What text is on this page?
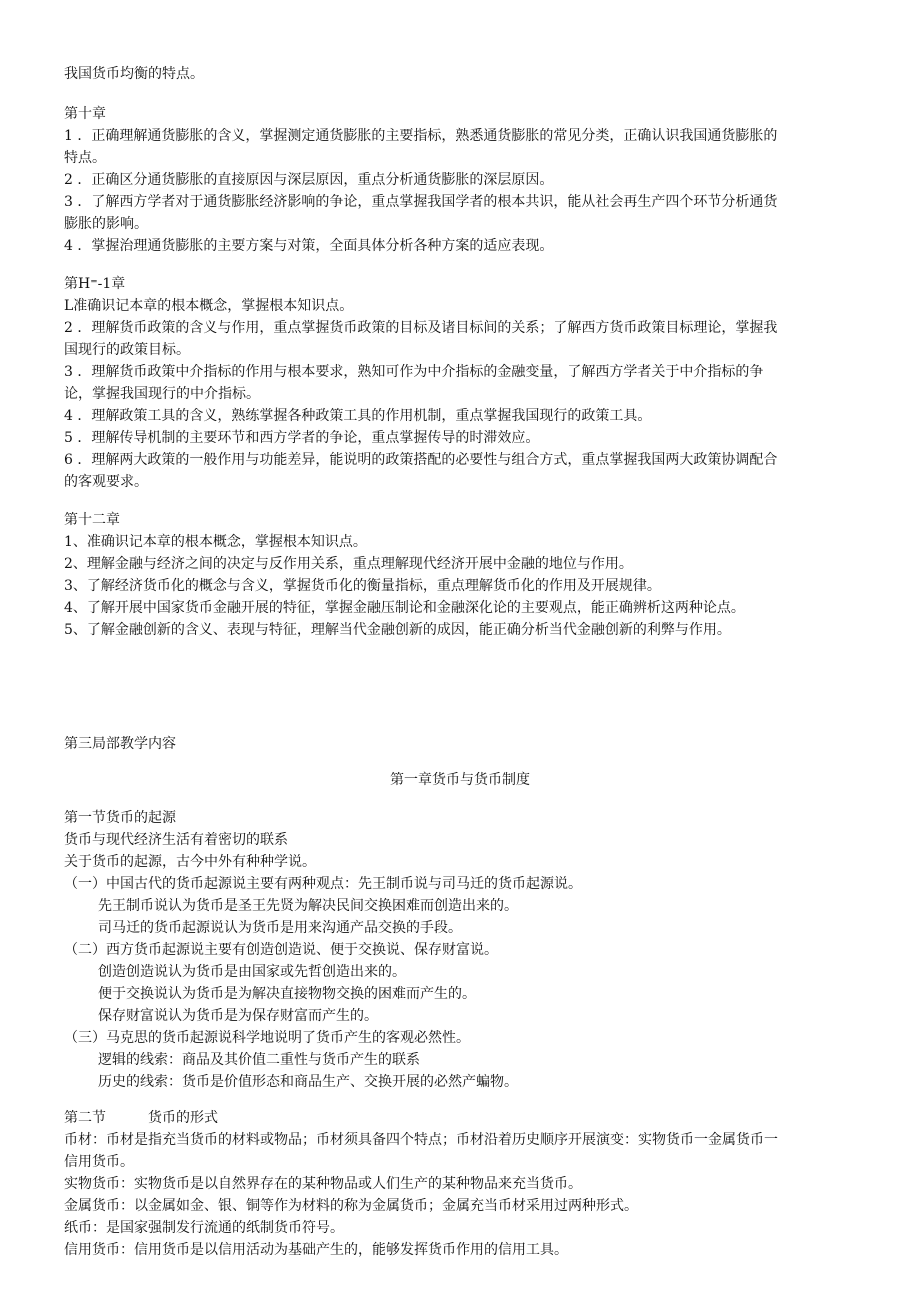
我国货币均衡的特点。
第十章
1 ．正确理解通货膨胀的含义，掌握测定通货膨胀的主要指标，熟悉通货膨胀的常见分类，正确认识我国通货膨胀的
特点。
2 ．正确区分通货膨胀的直接原因与深层原因，重点分析通货膨胀的深层原因。
3 ．了解西方学者对于通货膨胀经济影响的争论，重点掌握我国学者的根本共识，能从社会再生产四个环节分析通货
膨胀的影响。
4 ．掌握治理通货膨胀的主要方案与对策，全面具体分析各种方案的适应表现。
第Η⁼-1章
L准确识记本章的根本概念，掌握根本知识点。
2 ．理解货币政策的含义与作用，重点掌握货币政策的目标及诸目标间的关系；了解西方货币政策目标理论，掌握我
国现行的政策目标。
3 ．理解货币政策中介指标的作用与根本要求，熟知可作为中介指标的金融变量，了解西方学者关于中介指标的争
论，掌握我国现行的中介指标。
4 ．理解政策工具的含义，熟练掌握各种政策工具的作用机制，重点掌握我国现行的政策工具。
5 ．理解传导机制的主要环节和西方学者的争论，重点掌握传导的时滞效应。
6 ．理解两大政策的一般作用与功能差异，能说明的政策搭配的必要性与组合方式，重点掌握我国两大政策协调配合
的客观要求。
第十二章
1、准确识记本章的根本概念，掌握根本知识点。
2、理解金融与经济之间的决定与反作用关系，重点理解现代经济开展中金融的地位与作用。
3、了解经济货币化的概念与含义，掌握货币化的衡量指标，重点理解货币化的作用及开展规律。
4、了解开展中国家货币金融开展的特征，掌握金融压制论和金融深化论的主要观点，能正确辨析这两种论点。
5、了解金融创新的含义、表现与特征，理解当代金融创新的成因，能正确分析当代金融创新的利弊与作用。
第三局部教学内容
第一章货币与货币制度
第一节货币的起源
货币与现代经济生活有着密切的联系
关于货币的起源，古今中外有种种学说。
（一）中国古代的货币起源说主要有两种观点：先王制币说与司马迁的货币起源说。
先王制币说认为货币是圣王先贤为解决民间交换困难而创造出来的。
司马迁的货币起源说认为货币是用来沟通产品交换的手段。
（二）西方货币起源说主要有创造创造说、便于交换说、保存财富说。
创造创造说认为货币是由国家或先哲创造出来的。
便于交换说认为货币是为解决直接物物交换的困难而产生的。
保存财富说认为货币是为保存财富而产生的。
（三）马克思的货币起源说科学地说明了货币产生的客观必然性。
逻辑的线索：商品及其价值二重性与货币产生的联系
历史的线索：货币是价值形态和商品生产、交换开展的必然产蝙物。
第二节　　　货币的形式
币材：币材是指充当货币的材料或物品；币材须具备四个特点；币材沿着历史顺序开展演变：实物货币一金属货币一
信用货币。
实物货币：实物货币是以自然界存在的某种物品或人们生产的某种物品来充当货币。
金属货币：以金属如金、银、铜等作为材料的称为金属货币；金属充当币材采用过两种形式。
纸币：是国家强制发行流通的纸制货币符号。
信用货币：信用货币是以信用活动为基础产生的，能够发挥货币作用的信用工具。
